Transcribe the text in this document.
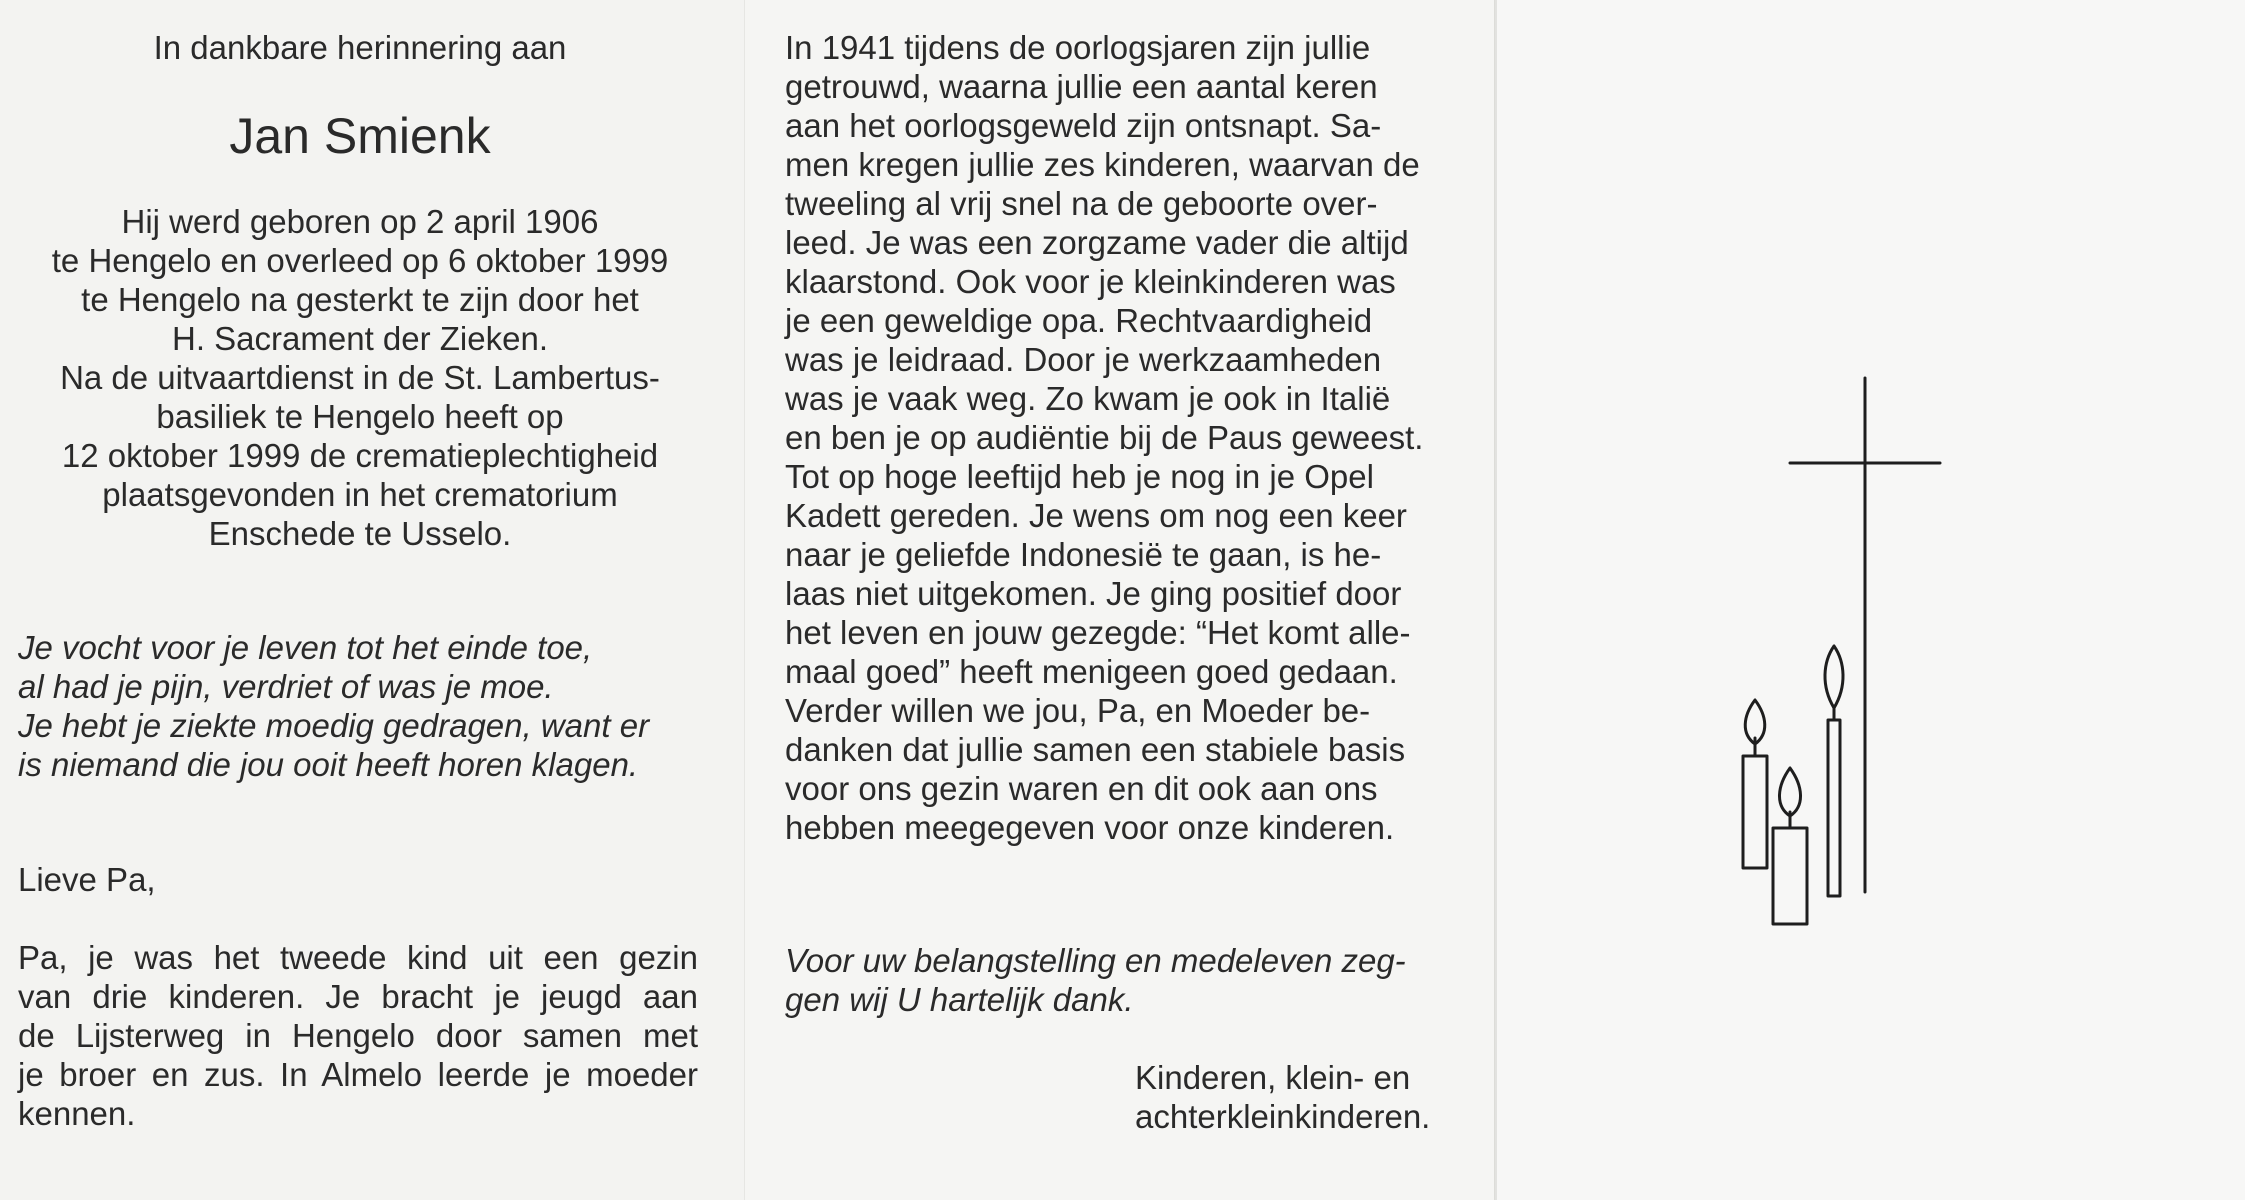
In dankbare herinnering aan
Jan Smienk
Hij werd geboren op 2 april 1906
te Hengelo en overleed op 6 oktober 1999
te Hengelo na gesterkt te zijn door het
H. Sacrament der Zieken.
Na de uitvaartdienst in de St. Lambertus-
basiliek te Hengelo heeft op
12 oktober 1999 de crematieplechtigheid
plaatsgevonden in het crematorium
Enschede te Usselo.
Je vocht voor je leven tot het einde toe,
al had je pijn, verdriet of was je moe.
Je hebt je ziekte moedig gedragen, want er
is niemand die jou ooit heeft horen klagen.
Lieve Pa,
Pa, je was het tweede kind uit een gezin
van drie kinderen. Je bracht je jeugd aan
de Lijsterweg in Hengelo door samen met
je broer en zus. In Almelo leerde je moeder
kennen.
In 1941 tijdens de oorlogsjaren zijn jullie
getrouwd, waarna jullie een aantal keren
aan het oorlogsgeweld zijn ontsnapt. Sa-
men kregen jullie zes kinderen, waarvan de
tweeling al vrij snel na de geboorte over-
leed. Je was een zorgzame vader die altijd
klaarstond. Ook voor je kleinkinderen was
je een geweldige opa. Rechtvaardigheid
was je leidraad. Door je werkzaamheden
was je vaak weg. Zo kwam je ook in Italië
en ben je op audiëntie bij de Paus geweest.
Tot op hoge leeftijd heb je nog in je Opel
Kadett gereden. Je wens om nog een keer
naar je geliefde Indonesië te gaan, is he-
laas niet uitgekomen. Je ging positief door
het leven en jouw gezegde: “Het komt alle-
maal goed” heeft menigeen goed gedaan.
Verder willen we jou, Pa, en Moeder be-
danken dat jullie samen een stabiele basis
voor ons gezin waren en dit ook aan ons
hebben meegegeven voor onze kinderen.
Voor uw belangstelling en medeleven zeg-
gen wij U hartelijk dank.
Kinderen, klein- en
achterkleinkinderen.
